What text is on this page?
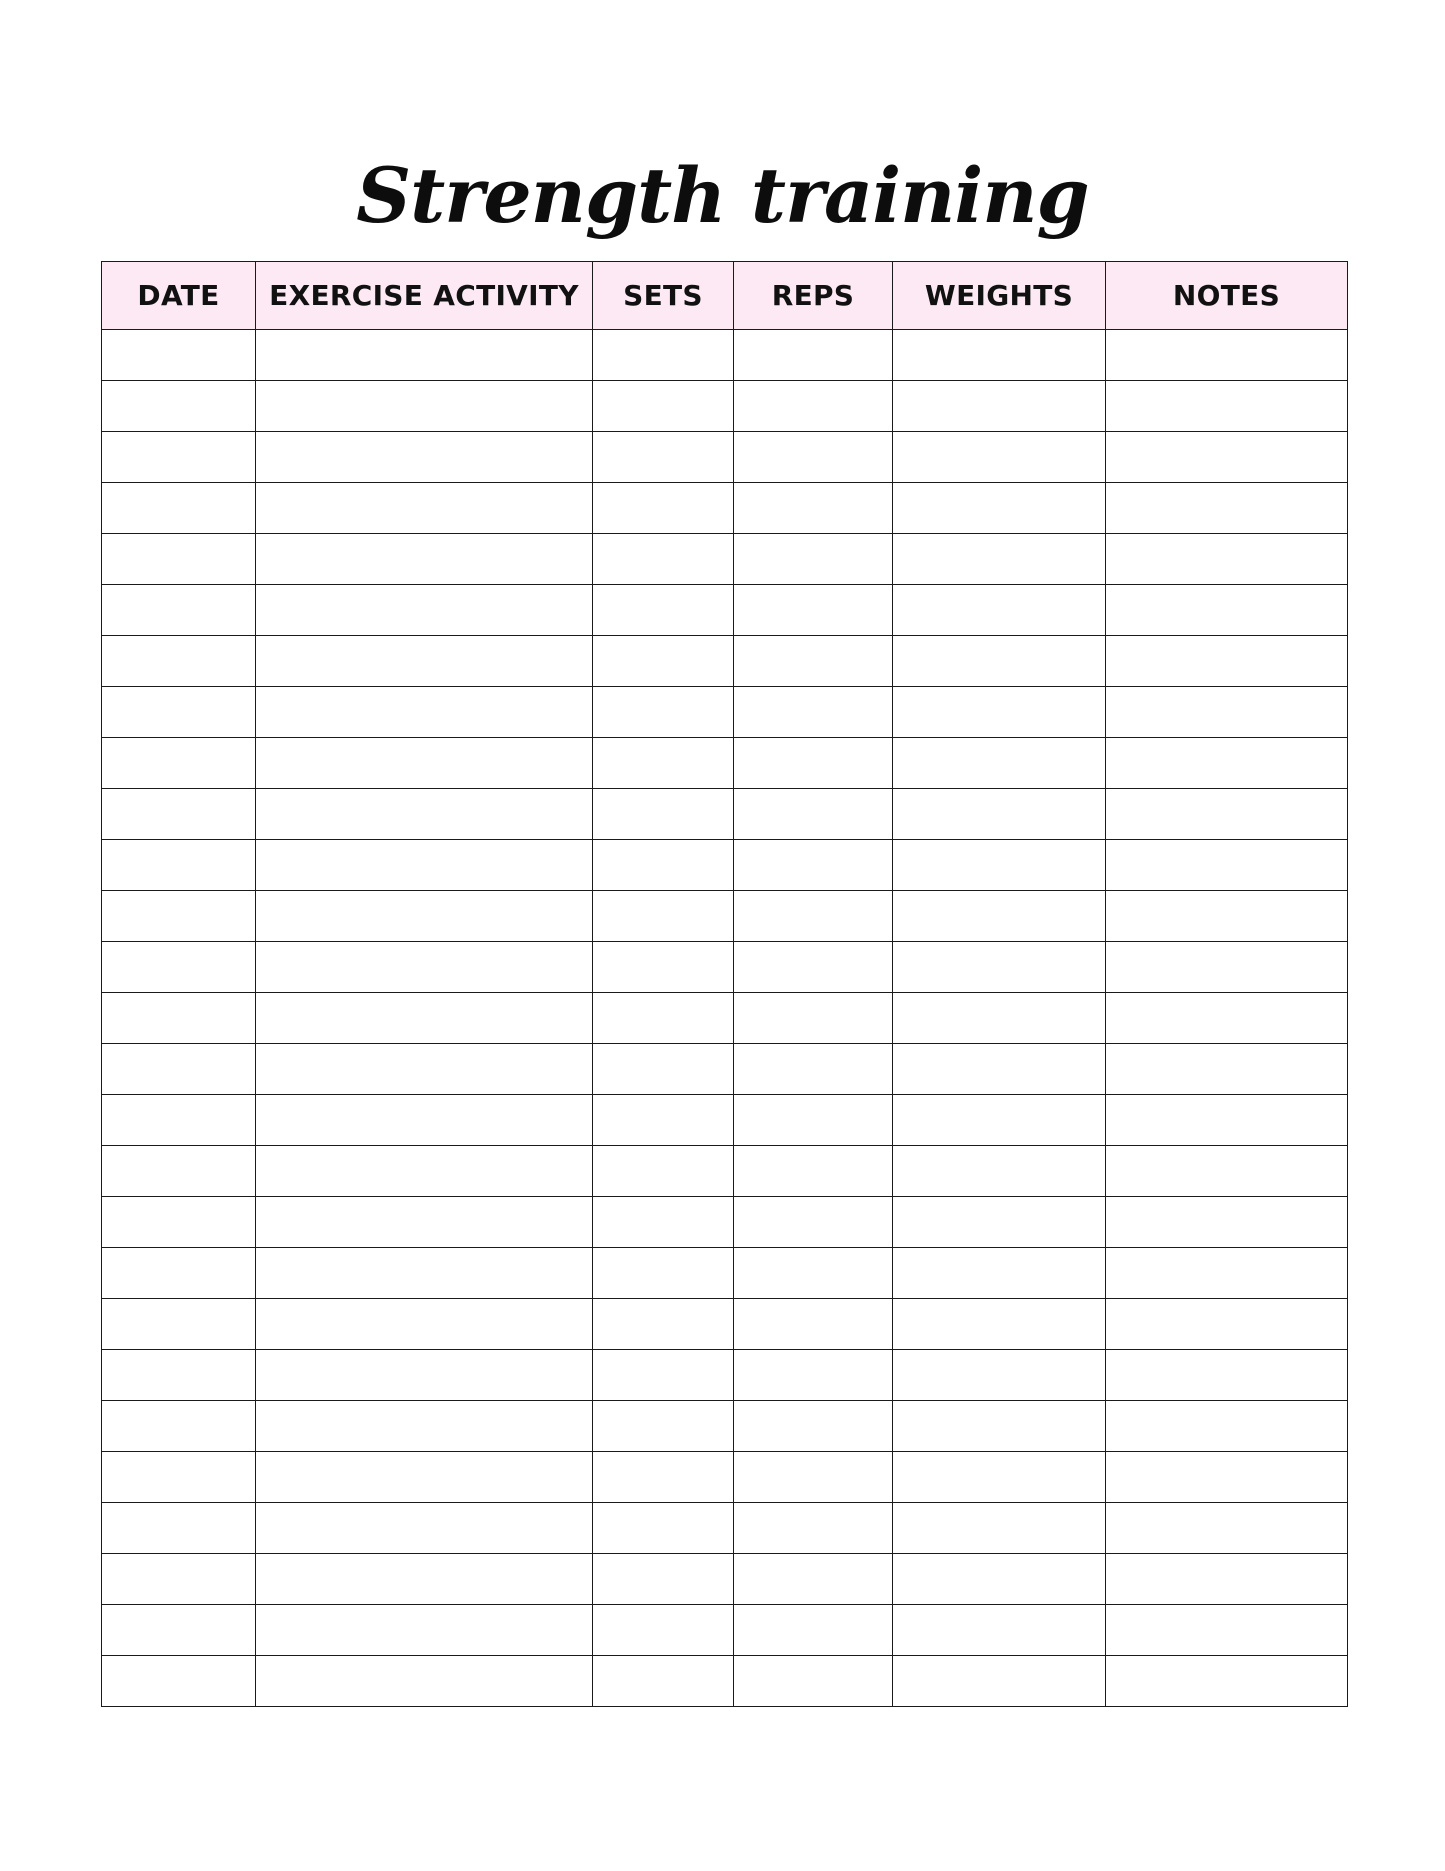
Strength training
DATE	EXERCISE ACTIVITY	SETS	REPS	WEIGHTS	NOTES
